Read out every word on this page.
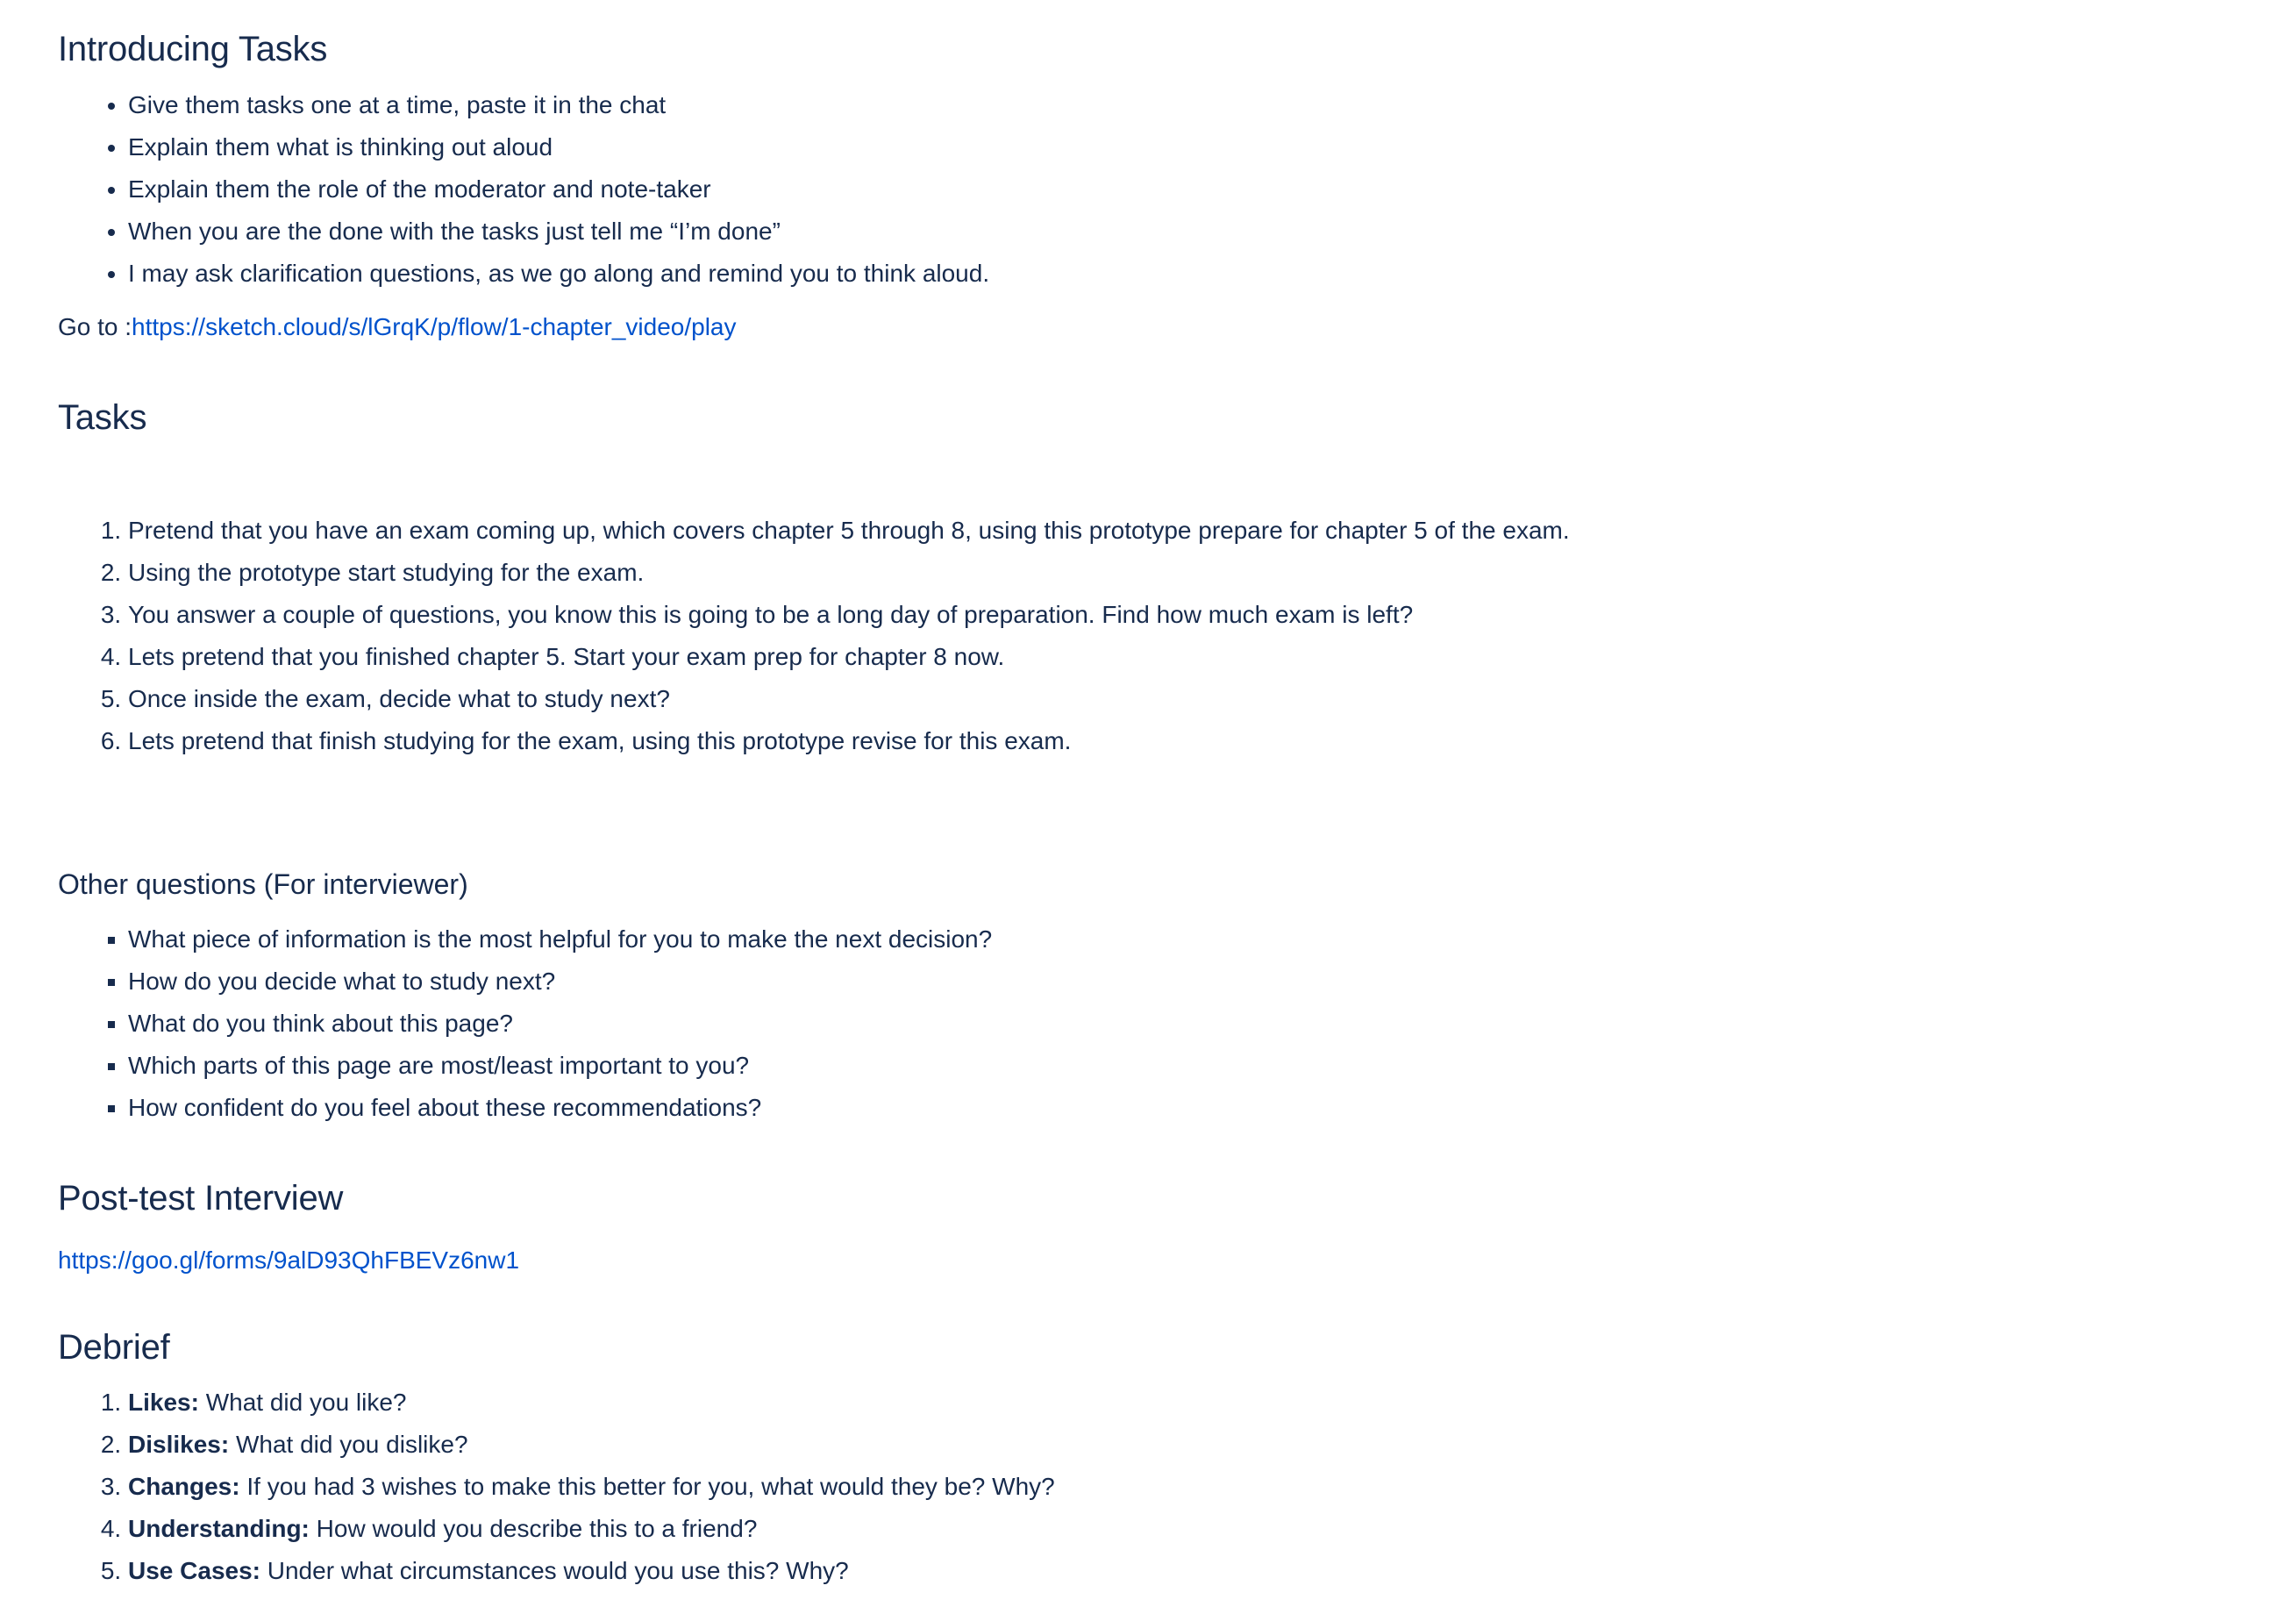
Introducing Tasks
• Give them tasks one at a time, paste it in the chat
• Explain them what is thinking out aloud
• Explain them the role of the moderator and note-taker
• When you are the done with the tasks just tell me “I’m done”
• I may ask clarification questions, as we go along and remind you to think aloud.

Go to :https://sketch.cloud/s/lGrqK/p/flow/1-chapter_video/play

Tasks
1. Pretend that you have an exam coming up, which covers chapter 5 through 8, using this prototype prepare for chapter 5 of the exam.
2. Using the prototype start studying for the exam.
3. You answer a couple of questions, you know this is going to be a long day of preparation. Find how much exam is left?
4. Lets pretend that you finished chapter 5. Start your exam prep for chapter 8 now.
5. Once inside the exam, decide what to study next?
6. Lets pretend that finish studying for the exam, using this prototype revise for this exam.
Other questions (For interviewer)
▪ What piece of information is the most helpful for you to make the next decision?
▪ How do you decide what to study next?
▪ What do you think about this page?
▪ Which parts of this page are most/least important to you?
▪ How confident do you feel about these recommendations?
Post-test Interview

https://goo.gl/forms/9alD93QhFBEVz6nw1

Debrief
1. Likes: What did you like?
2. Dislikes: What did you dislike?
3. Changes: If you had 3 wishes to make this better for you, what would they be? Why?
4. Understanding: How would you describe this to a friend?
5. Use Cases: Under what circumstances would you use this? Why?
